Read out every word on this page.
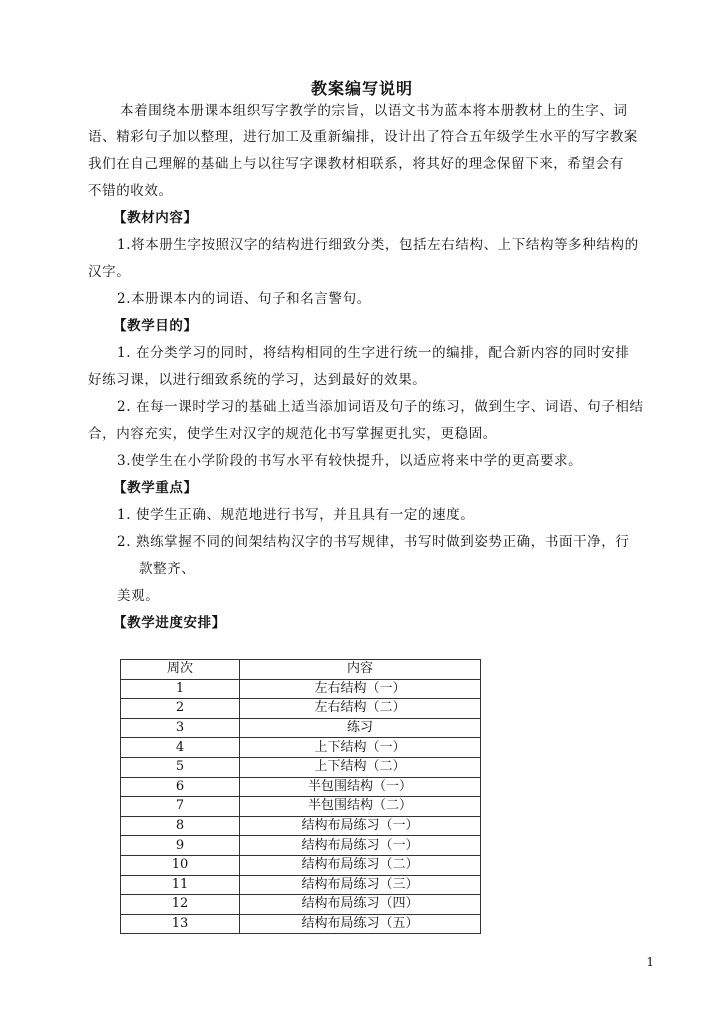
教案编写说明
本着围绕本册课本组织写字教学的宗旨，以语文书为蓝本将本册教材上的生字、词
语、精彩句子加以整理，进行加工及重新编排，设计出了符合五年级学生水平的写字教案
我们在自己理解的基础上与以往写字课教材相联系，将其好的理念保留下来，希望会有
不错的收效。
【教材内容】
1.将本册生字按照汉字的结构进行细致分类，包括左右结构、上下结构等多种结构的
汉字。
2.本册课本内的词语、句子和名言警句。
【教学目的】
1. 在分类学习的同时，将结构相同的生字进行统一的编排，配合新内容的同时安排
好练习课，以进行细致系统的学习，达到最好的效果。
2. 在每一课时学习的基础上适当添加词语及句子的练习，做到生字、词语、句子相结
合，内容充实，使学生对汉字的规范化书写掌握更扎实，更稳固。
3.使学生在小学阶段的书写水平有较快提升，以适应将来中学的更高要求。
【教学重点】
1. 使学生正确、规范地进行书写，并且具有一定的速度。
2. 熟练掌握不同的间架结构汉字的书写规律，书写时做到姿势正确，书面干净，行
款整齐、
美观。
【教学进度安排】
周次	内容
1	左右结构（一）
2	左右结构（二）
3	练习
4	上下结构（一）
5	上下结构（二）
6	半包围结构（一）
7	半包围结构（二）
8	结构布局练习（一）
9	结构布局练习（一）
10	结构布局练习（二）
11	结构布局练习（三）
12	结构布局练习（四）
13	结构布局练习（五）
1
